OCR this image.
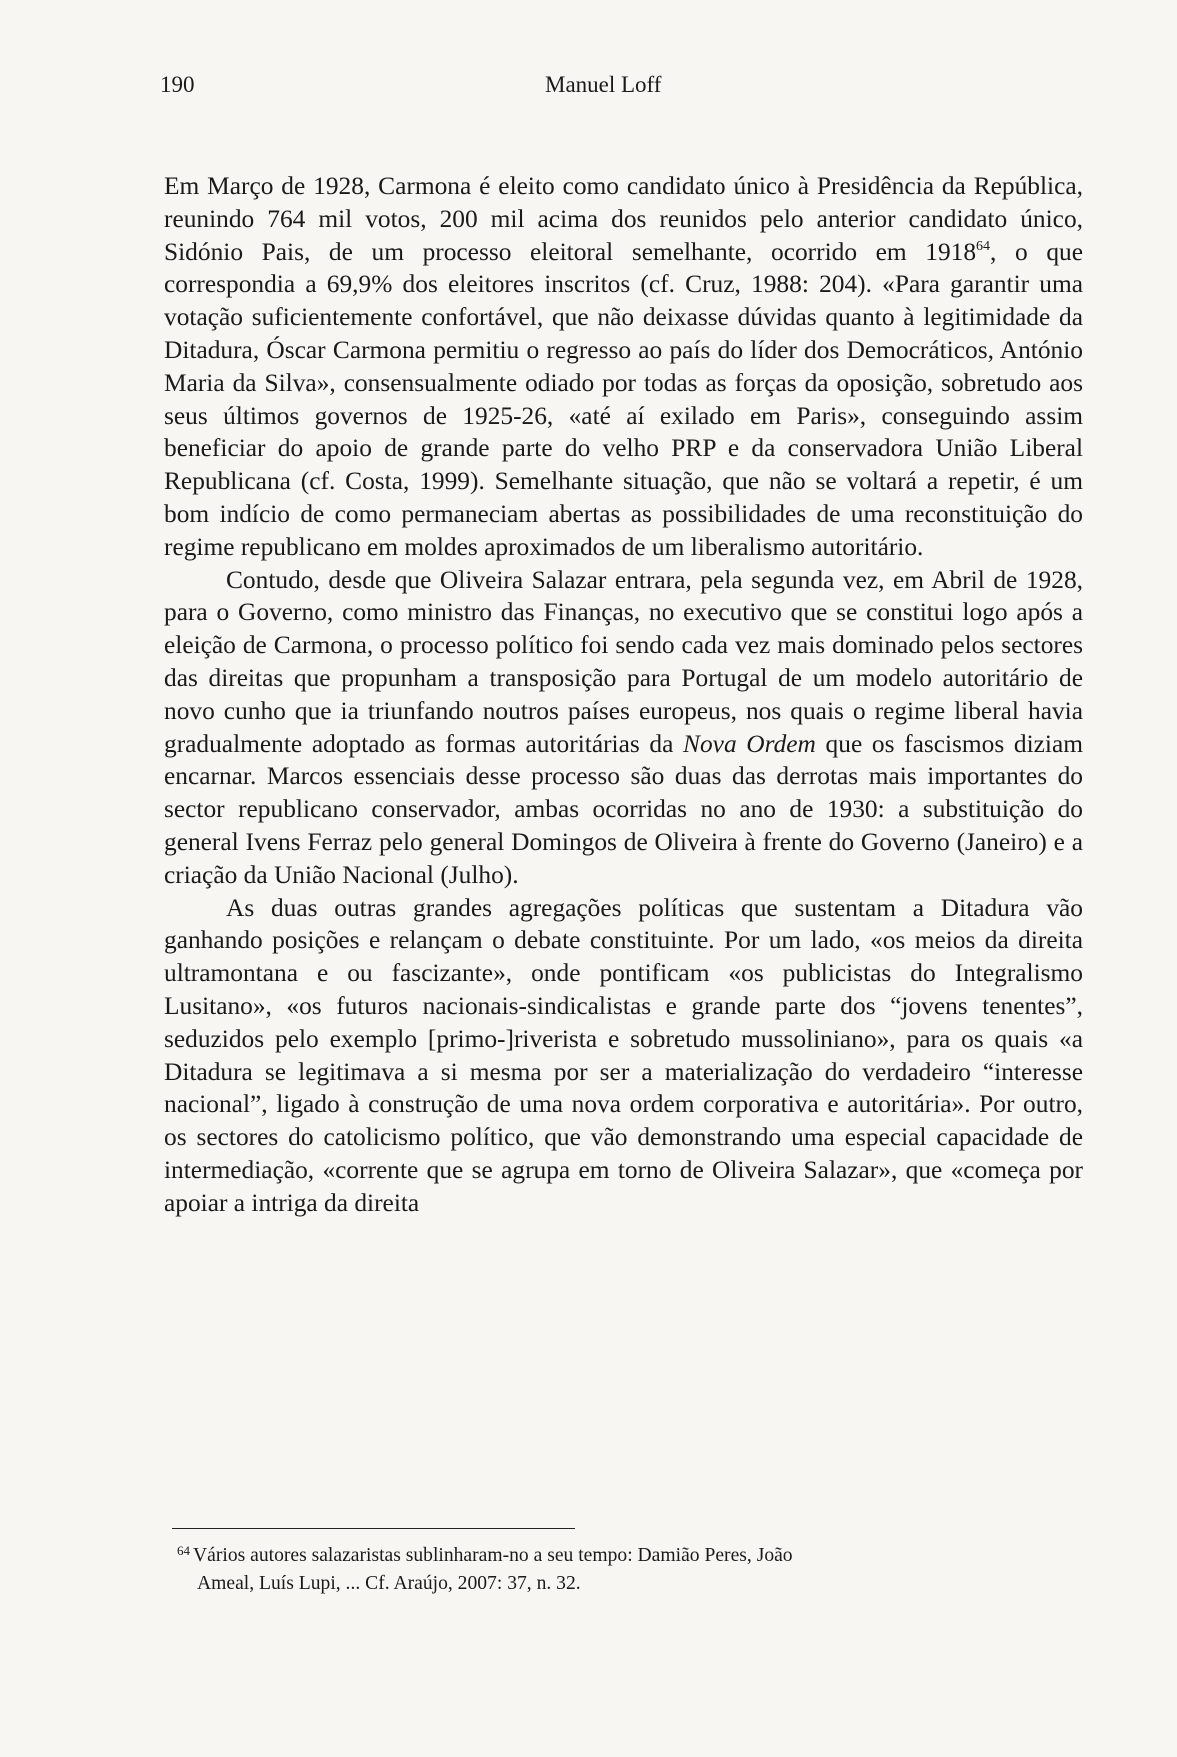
190	Manuel Loff

Em Março de 1928, Carmona é eleito como candidato único à Presidência da República, reunindo 764 mil votos, 200 mil acima dos reunidos pelo anterior candidato único, Sidónio Pais, de um processo eleitoral semelhante, ocorrido em 1918$^{64}$, o que correspondia a 69,9% dos eleitores inscritos (cf. Cruz, 1988: 204). «Para garantir uma votação suficientemente confortável, que não deixasse dúvidas quanto à legitimidade da Ditadura, Óscar Carmona permitiu o regresso ao país do líder dos Democráticos, António Maria da Silva», consensualmente odiado por todas as forças da oposição, sobretudo aos seus últimos governos de 1925-26, «até aí exilado em Paris», conseguindo assim beneficiar do apoio de grande parte do velho PRP e da conservadora União Liberal Republicana (cf. Costa, 1999). Semelhante situação, que não se voltará a repetir, é um bom indício de como permaneciam abertas as possibilidades de uma reconstituição do regime republicano em moldes aproximados de um liberalismo autoritário.

Contudo, desde que Oliveira Salazar entrara, pela segunda vez, em Abril de 1928, para o Governo, como ministro das Finanças, no executivo que se constitui logo após a eleição de Carmona, o processo político foi sendo cada vez mais dominado pelos sectores das direitas que propunham a transposição para Portugal de um modelo autoritário de novo cunho que ia triunfando noutros países europeus, nos quais o regime liberal havia gradualmente adoptado as formas autoritárias da Nova Ordem que os fascismos diziam encarnar. Marcos essenciais desse processo são duas das derrotas mais importantes do sector republicano conservador, ambas ocorridas no ano de 1930: a substituição do general Ivens Ferraz pelo general Domingos de Oliveira à frente do Governo (Janeiro) e a criação da União Nacional (Julho).

As duas outras grandes agregações políticas que sustentam a Ditadura vão ganhando posições e relançam o debate constituinte. Por um lado, «os meios da direita ultramontana e ou fascizante», onde pontificam «os publicistas do Integralismo Lusitano», «os futuros nacionais-sindicalistas e grande parte dos “jovens tenentes”, seduzidos pelo exemplo [primo-]riverista e sobretudo mussoliniano», para os quais «a Ditadura se legitimava a si mesma por ser a materialização do verdadeiro “interesse nacional”, ligado à construção de uma nova ordem corporativa e autoritária». Por outro, os sectores do catolicismo político, que vão demonstrando uma especial capacidade de intermediação, «corrente que se agrupa em torno de Oliveira Salazar», que «começa por apoiar a intriga da direita

$^{64}$ Vários autores salazaristas sublinharam-no a seu tempo: Damião Peres, João
Ameal, Luís Lupi, ... Cf. Araújo, 2007: 37, n. 32.
